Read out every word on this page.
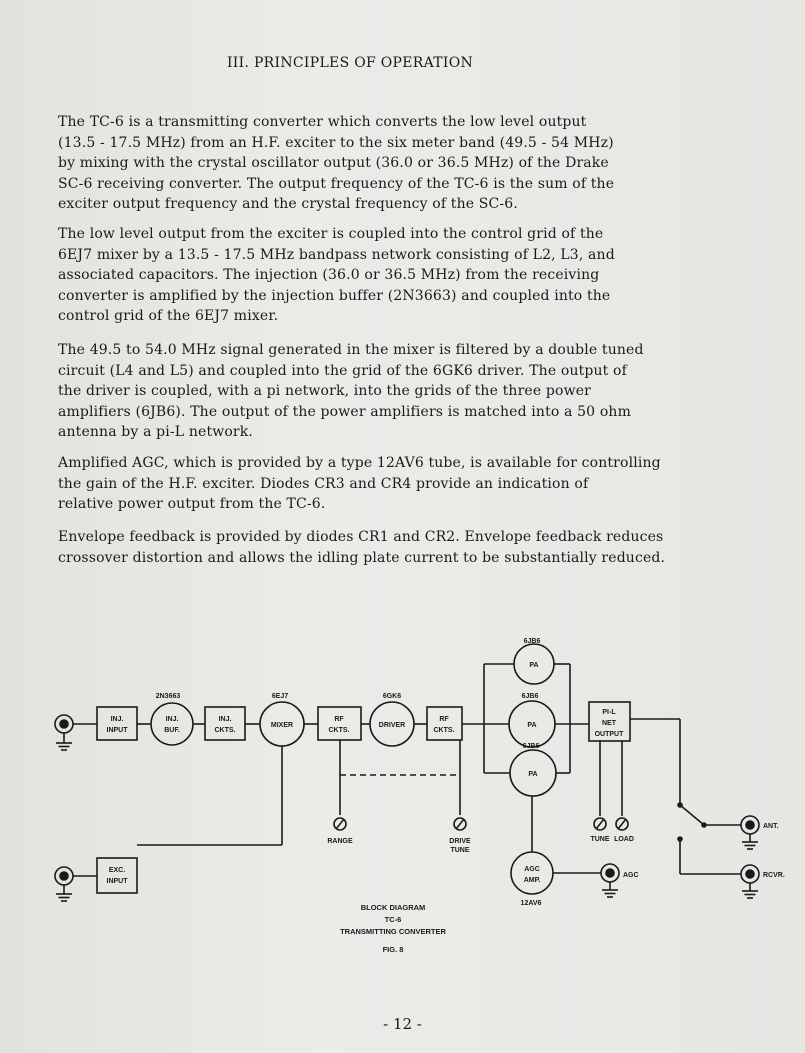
III. PRINCIPLES OF OPERATION
The TC-6 is a transmitting converter which converts the low level output
(13.5 - 17.5 MHz) from an H.F. exciter to the six meter band (49.5 - 54 MHz)
by mixing with the crystal oscillator output (36.0 or 36.5 MHz) of the Drake
SC-6 receiving converter. The output frequency of the TC-6 is the sum of the
exciter output frequency and the crystal frequency of the SC-6.
The low level output from the exciter is coupled into the control grid of the
6EJ7 mixer by a 13.5 - 17.5 MHz bandpass network consisting of L2, L3, and
associated capacitors. The injection (36.0 or 36.5 MHz) from the receiving
converter is amplified by the injection buffer (2N3663) and coupled into the
control grid of the 6EJ7 mixer.
The 49.5 to 54.0 MHz signal generated in the mixer is filtered by a double tuned
circuit (L4 and L5) and coupled into the grid of the 6GK6 driver. The output of
the driver is coupled, with a pi network, into the grids of the three power
amplifiers (6JB6). The output of the power amplifiers is matched into a 50 ohm
antenna by a pi-L network.
Amplified AGC, which is provided by a type 12AV6 tube, is available for controlling
the gain of the H.F. exciter. Diodes CR3 and CR4 provide an indication of
relative power output from the TC-6.
Envelope feedback is provided by diodes CR1 and CR2. Envelope feedback reduces
crossover distortion and allows the idling plate current to be substantially reduced.
INJ.
INPUT
INJ.
BUF.
2N3663
INJ.
CKTS.
MIXER
6EJ7
RF
CKTS.
DRIVER
6GK6
RF
CKTS.
PA
6JB6
PA
6JB6
PA
6JB6
PI-L
NET
OUTPUT
EXC.
INPUT
RANGE	DRIVE
TUNE
TUNE LOAD
AGC
AMP.
12AV6
AGC
ANT.
RCVR.
BLOCK DIAGRAM
TC-6
TRANSMITTING CONVERTER
FIG. 8
- 12 -
